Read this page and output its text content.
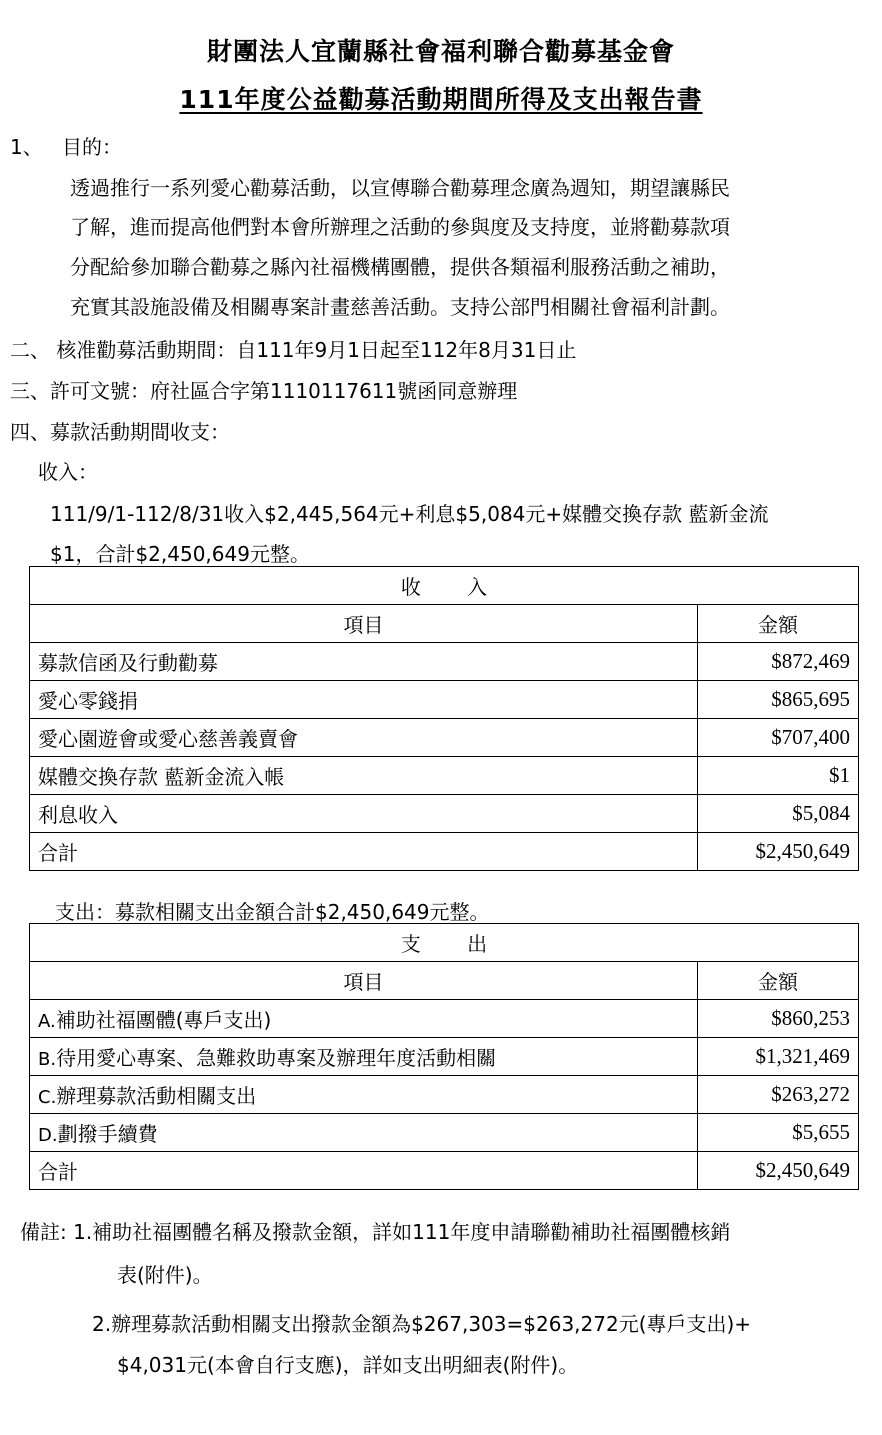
財團法人宜蘭縣社會福利聯合勸募基金會
111年度公益勸募活動期間所得及支出報告書
1、 目的：
透過推行一系列愛心勸募活動，以宣傳聯合勸募理念廣為週知，期望讓縣民
了解，進而提高他們對本會所辦理之活動的參與度及支持度，並將勸募款項
分配給參加聯合勸募之縣內社福機構團體，提供各類福利服務活動之補助，
充實其設施設備及相關專案計畫慈善活動。支持公部門相關社會福利計劃。
二、 核准勸募活動期間：自111年9月1日起至112年8月31日止
三、許可文號：府社區合字第1110117611號函同意辦理
四、募款活動期間收支：
收入：
111/9/1-112/8/31收入$2,445,564元+利息$5,084元+媒體交換存款 藍新金流
$1，合計$2,450,649元整。
收 入	
項目	金額
募款信函及行動勸募	$872,469
愛心零錢捐	$865,695
愛心園遊會或愛心慈善義賣會	$707,400
媒體交換存款 藍新金流入帳	$1
利息收入	$5,084
合計	$2,450,649
支出：募款相關支出金額合計$2,450,649元整。
支 出	
項目	金額
A.補助社福團體(專戶支出)	$860,253
B.待用愛心專案、急難救助專案及辦理年度活動相關	$1,321,469
C.辦理募款活動相關支出	$263,272
D.劃撥手續費	$5,655
合計	$2,450,649
備註: 1.補助社福團體名稱及撥款金額，詳如111年度申請聯勸補助社福團體核銷
表(附件)。
2.辦理募款活動相關支出撥款金額為$267,303=$263,272元(專戶支出)+
$4,031元(本會自行支應)，詳如支出明細表(附件)。
